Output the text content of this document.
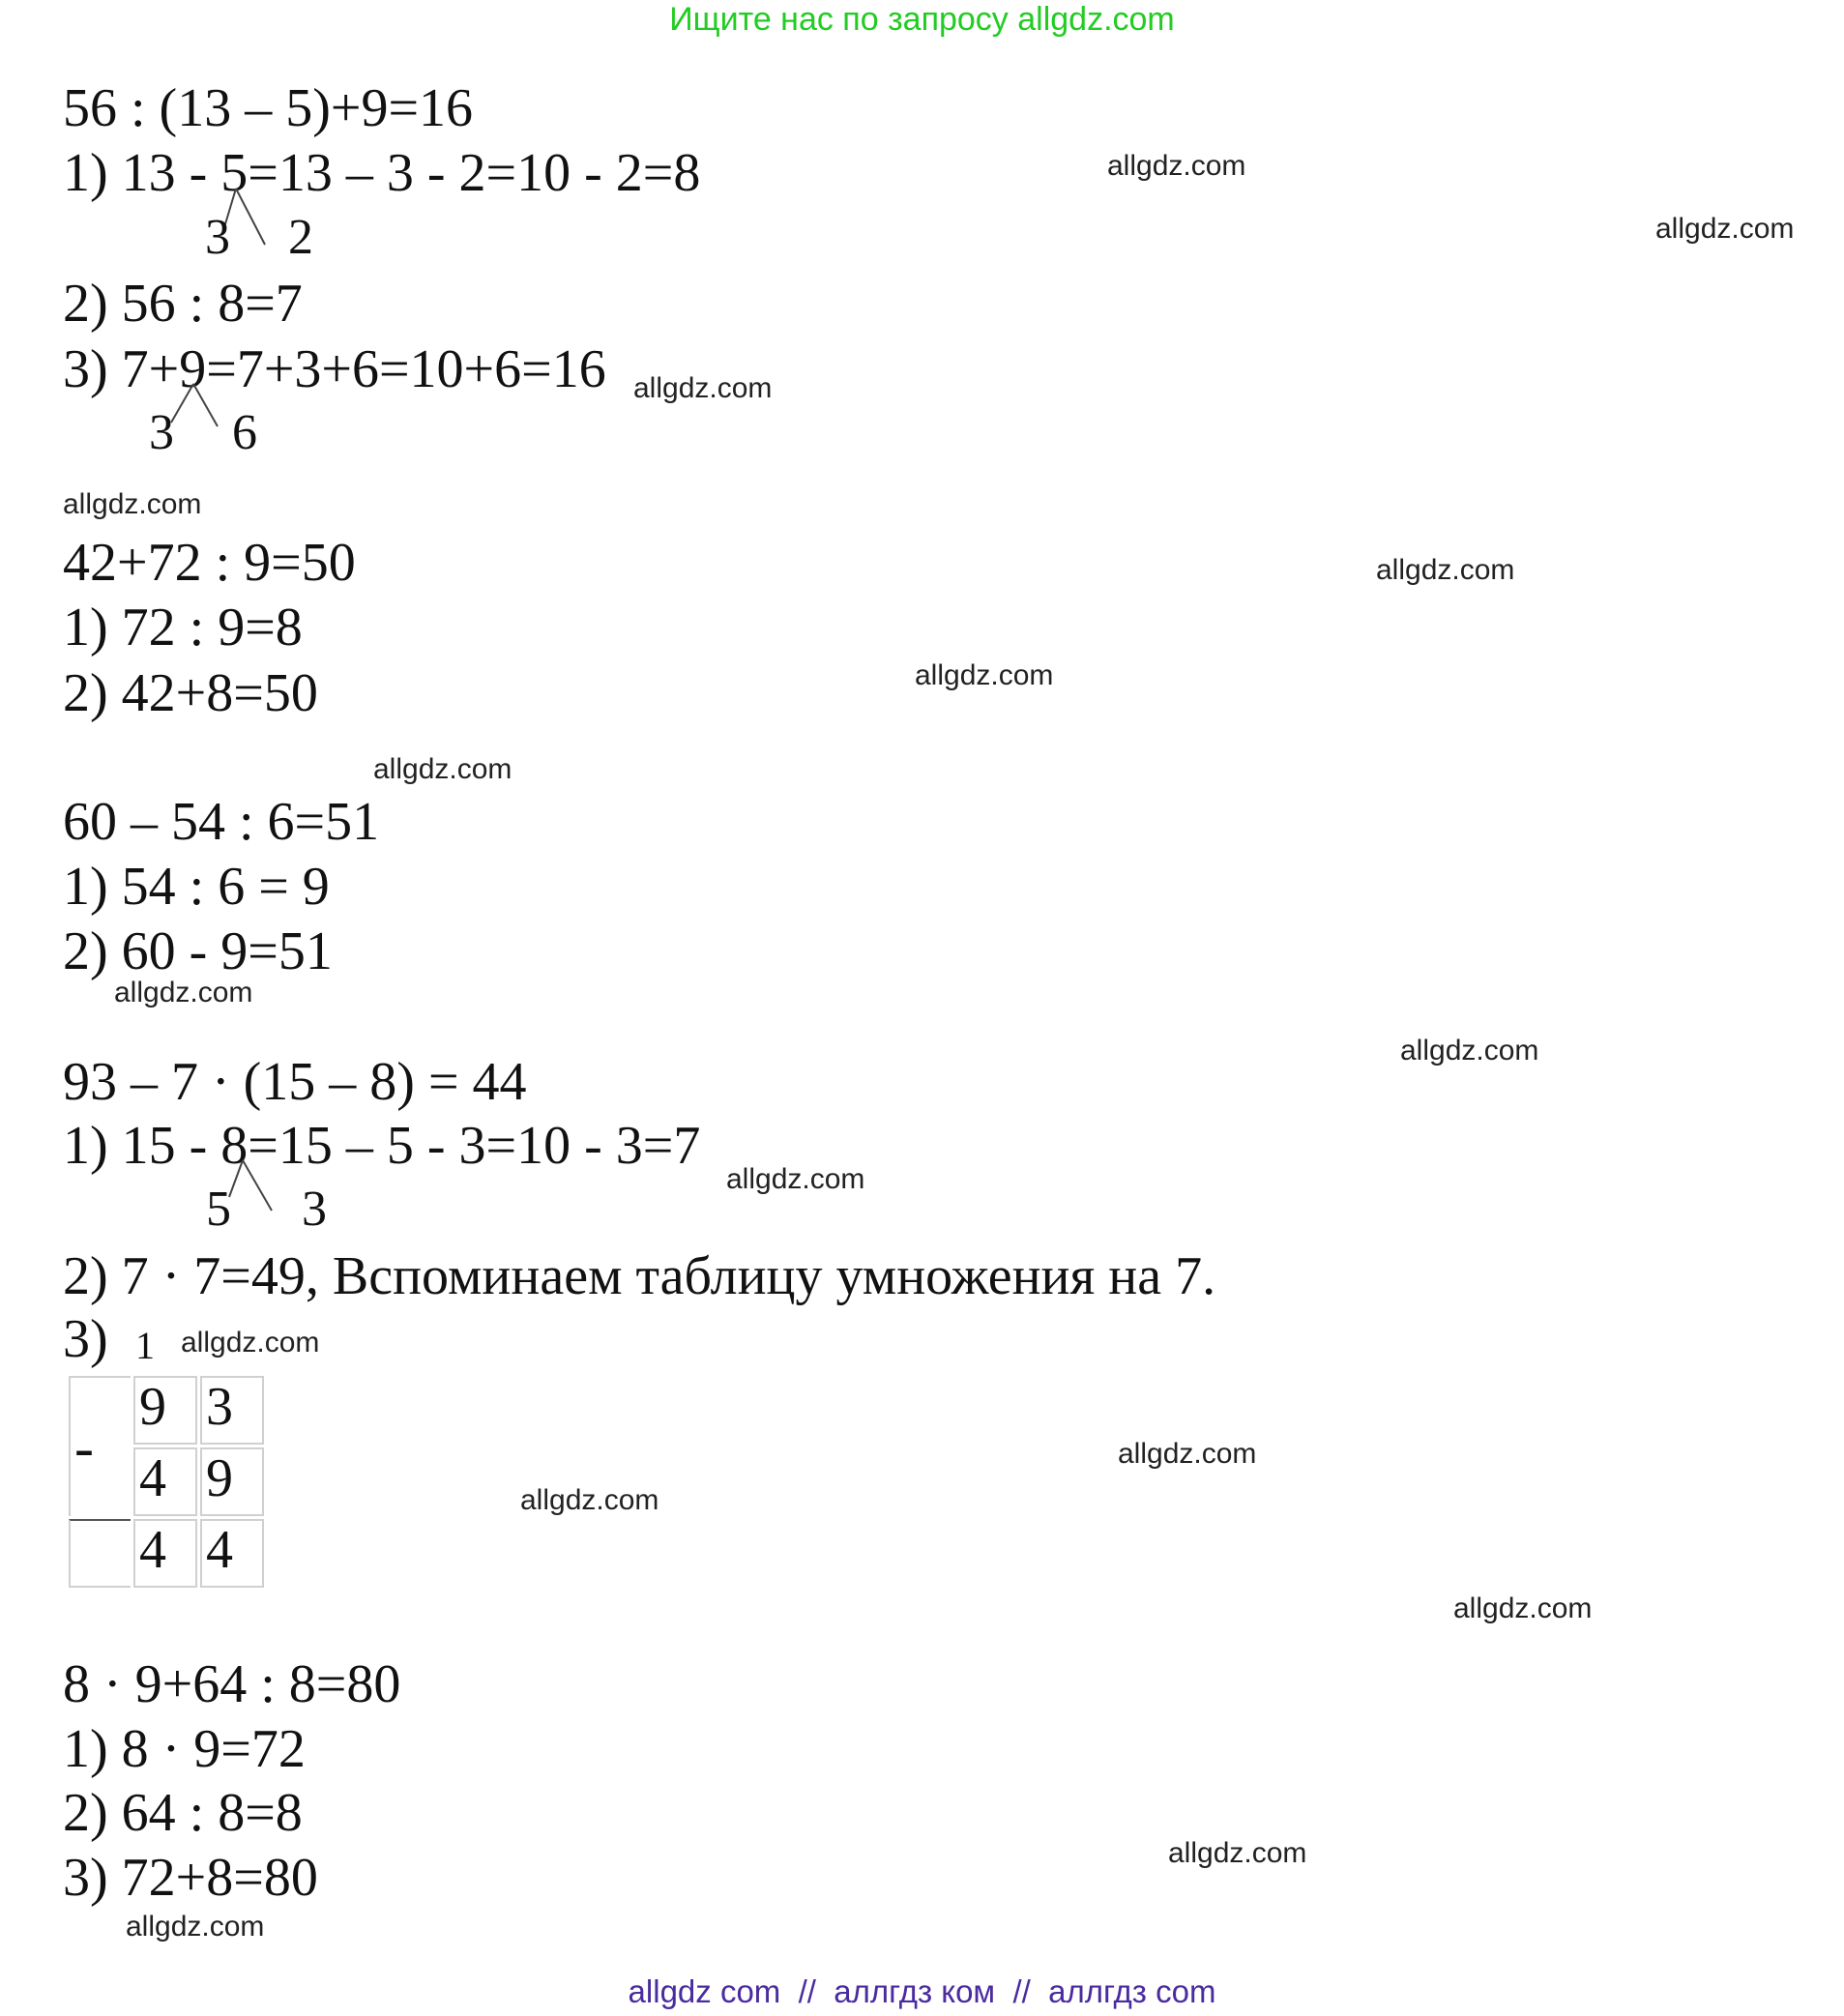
Ищите нас по запросу allgdz.com
56 : (13 – 5)+9=16
1) 13 - 5=13 – 3 - 2=10 - 2=8
3 2
2) 56 : 8=7
3) 7+9=7+3+6=10+6=16
3 6
42+72 : 9=50
1) 72 : 9=8
2) 42+8=50
60 – 54 : 6=51
1) 54 : 6 = 9
2) 60 - 9=51
93 – 7 · (15 – 8) = 44
1) 15 - 8=15 – 5 - 3=10 - 3=7
5 3
2) 7 · 7=49, Вспоминаем таблицу умножения на 7.
3) 1
-	9	3
	4	9
	4	4
8 · 9+64 : 8=80
1) 8 · 9=72
2) 64 : 8=8
3) 72+8=80
allgdz.com
allgdz.com
allgdz.com
allgdz.com
allgdz.com
allgdz.com
allgdz.com
allgdz.com
allgdz.com
allgdz.com
allgdz.com
allgdz.com
allgdz.com
allgdz.com
allgdz.com
allgdz.com
allgdz com  //  аллгдз ком  //  аллгдз com
